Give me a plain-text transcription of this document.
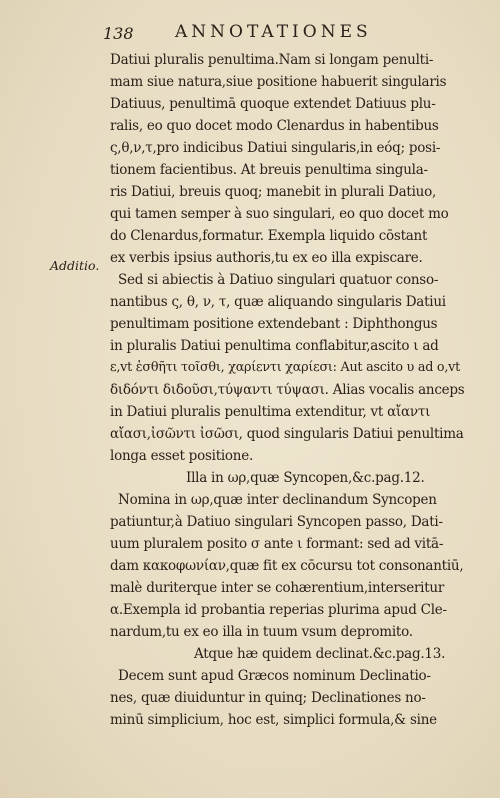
138 ANNOTATIONES
Additio.
Datiui pluralis penultima.Nam si longam penulti-
mam siue natura,siue positione habuerit singularis
Datiuus, penultimā quoque extendet Datiuus plu-
ralis, eo quo docet modo Clenardus in habentibus
ς,θ,ν,τ,pro indicibus Datiui singularis,in eóq; posi-
tionem facientibus. At breuis penultima singula-
ris Datiui, breuis quoq; manebit in plurali Datiuo,
qui tamen semper à suo singulari, eo quo docet mo
do Clenardus,formatur. Exempla liquido cōstant
ex verbis ipsius authoris,tu ex eo illa expiscare.
Sed si abiectis à Datiuo singulari quatuor conso-
nantibus ς, θ, ν, τ, quæ aliquando singularis Datiui
penultimam positione extendebant : Diphthongus
in pluralis Datiui penultima conflabitur,ascito ι ad
ε,vt ἐσθῆτι τοῖσθι, χαρίεντι χαρίεσι: Aut ascito υ ad ο,vt
διδόντι διδοῦσι,τύψαντι τύψασι. Alias vocalis anceps
in Datiui pluralis penultima extenditur, vt αἴαντι
αἴασι,ἰσῶντι ἰσῶσι, quod singularis Datiui penultima
longa esset positione.
Illa in ωρ,quæ Syncopen,&c.pag.12.
Nomina in ωρ,quæ inter declinandum Syncopen
patiuntur,à Datiuo singulari Syncopen passo, Dati-
uum pluralem posito σ ante ι formant: sed ad vitā-
dam κακοφωνίαν,quæ fit ex cōcursu tot consonantiū,
malè duriterque inter se cohærentium,interseritur
α.Exempla id probantia reperias plurima apud Cle-
nardum,tu ex eo illa in tuum vsum depromito.
Atque hæ quidem declinat.&c.pag.13.
Decem sunt apud Græcos nominum Declinatio-
nes, quæ diuiduntur in quinq; Declinationes no-
minū simplicium, hoc est, simplici formula,& sine
